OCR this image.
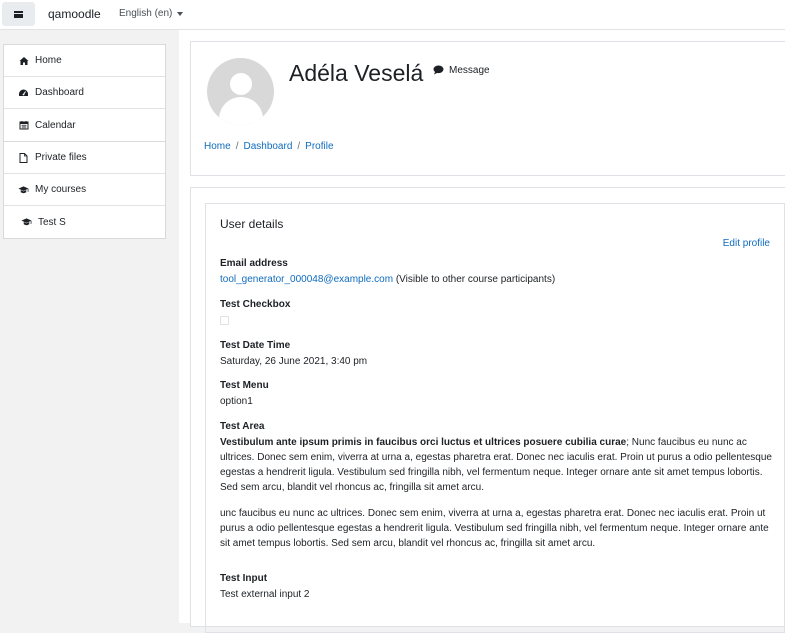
qamoodle English (en)
Home
Dashboard
Calendar
Private files
My courses
Test S
Adéla Veselá	Message
Home / Dashboard / Profile
User details
Edit profile
Email address
tool_generator_000048@example.com (Visible to other course participants)
Test Checkbox
Test Date Time
Saturday, 26 June 2021, 3:40 pm
Test Menu
option1
Test Area
Vestibulum ante ipsum primis in faucibus orci luctus et ultrices posuere cubilia curae; Nunc faucibus eu nunc ac ultrices. Donec sem enim, viverra at urna a, egestas pharetra erat. Donec nec iaculis erat. Proin ut purus a odio pellentesque egestas a hendrerit ligula. Vestibulum sed fringilla nibh, vel fermentum neque. Integer ornare ante sit amet tempus lobortis. Sed sem arcu, blandit vel rhoncus ac, fringilla sit amet arcu.
unc faucibus eu nunc ac ultrices. Donec sem enim, viverra at urna a, egestas pharetra erat. Donec nec iaculis erat. Proin ut purus a odio pellentesque egestas a hendrerit ligula. Vestibulum sed fringilla nibh, vel fermentum neque. Integer ornare ante sit amet tempus lobortis. Sed sem arcu, blandit vel rhoncus ac, fringilla sit amet arcu.
Test Input
Test external input 2
